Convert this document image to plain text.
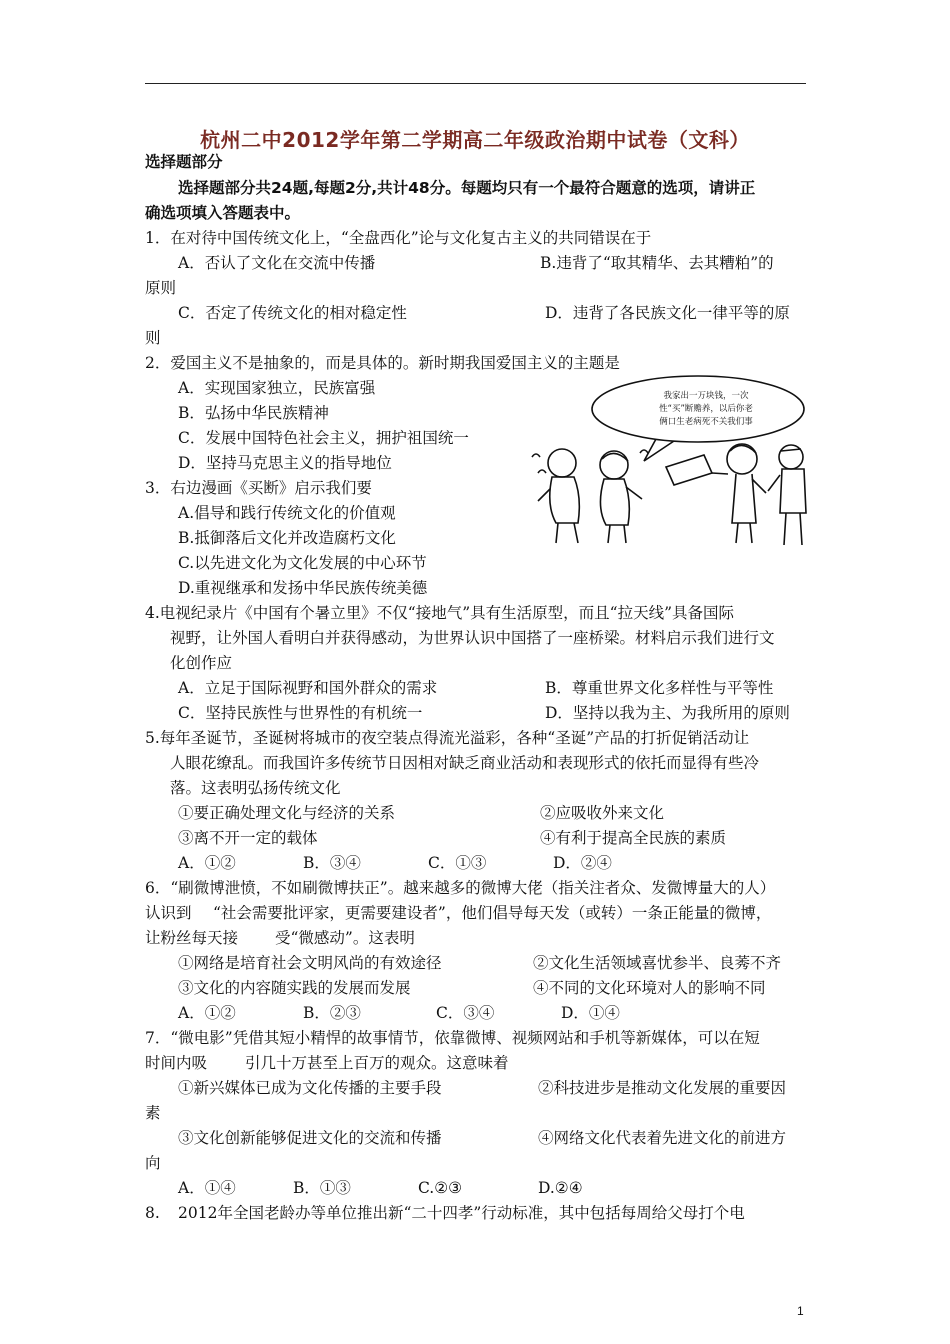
杭州二中2012学年第二学期高二年级政治期中试卷（文科）
选择题部分
选择题部分共24题,每题2分,共计48分。每题均只有一个最符合题意的选项，请讲正
确选项填入答题表中。
1．在对待中国传统文化上，“全盘西化”论与文化复古主义的共同错误在于
A．否认了文化在交流中传播	B.违背了“取其精华、去其糟粕”的
原则
C．否定了传统文化的相对稳定性	D．违背了各民族文化一律平等的原
则
2．爱国主义不是抽象的，而是具体的。新时期我国爱国主义的主题是
A．实现国家独立，民族富强
B．弘扬中华民族精神
C．发展中国特色社会主义，拥护祖国统一
D．坚持马克思主义的指导地位
3．右边漫画《买断》启示我们要
A.倡导和践行传统文化的价值观
B.抵御落后文化并改造腐朽文化
C.以先进文化为文化发展的中心环节
D.重视继承和发扬中华民族传统美德
我家出一万块钱，一次
性“买”断赡养，以后你老
俩口生老病死不关我们事
4.电视纪录片《中国有个暑立里》不仅“接地气”具有生活原型，而且“拉天线”具备国际
视野，让外国人看明白并获得感动，为世界认识中国搭了一座桥梁。材料启示我们进行文
化创作应
A．立足于国际视野和国外群众的需求	B．尊重世界文化多样性与平等性
C．坚持民族性与世界性的有机统一	D．坚持以我为主、为我所用的原则
5.每年圣诞节，圣诞树将城市的夜空装点得流光溢彩，各种“圣诞”产品的打折促销活动让
人眼花缭乱。而我国许多传统节日因相对缺乏商业活动和表现形式的依托而显得有些冷
落。这表明弘扬传统文化
①要正确处理文化与经济的关系	②应吸收外来文化
③离不开一定的载体	④有利于提高全民族的素质
A．①②	B．③④	C．①③	D．②④
6．“刷微博泄愤，不如刷微博扶正”。越来越多的微博大佬（指关注者众、发微博量大的人）
认识到 “社会需要批评家，更需要建设者”，他们倡导每天发（或转）一条正能量的微博，
让粉丝每天接 受“微感动”。这表明
①网络是培育社会文明风尚的有效途径	②文化生活领域喜忧参半、良莠不齐
③文化的内容随实践的发展而发展	④不同的文化环境对人的影响不同
A．①②	B．②③	C．③④	D．①④
7．“微电影”凭借其短小精悍的故事情节，依靠微博、视频网站和手机等新媒体，可以在短
时间内吸 引几十万甚至上百万的观众。这意味着
①新兴媒体已成为文化传播的主要手段	②科技进步是推动文化发展的重要因
素
③文化创新能够促进文化的交流和传播	④网络文化代表着先进文化的前进方
向
A．①④	B．①③	C.②③	D.②④
8. 2012年全国老龄办等单位推出新“二十四孝”行动标准，其中包括每周给父母打个电
1
